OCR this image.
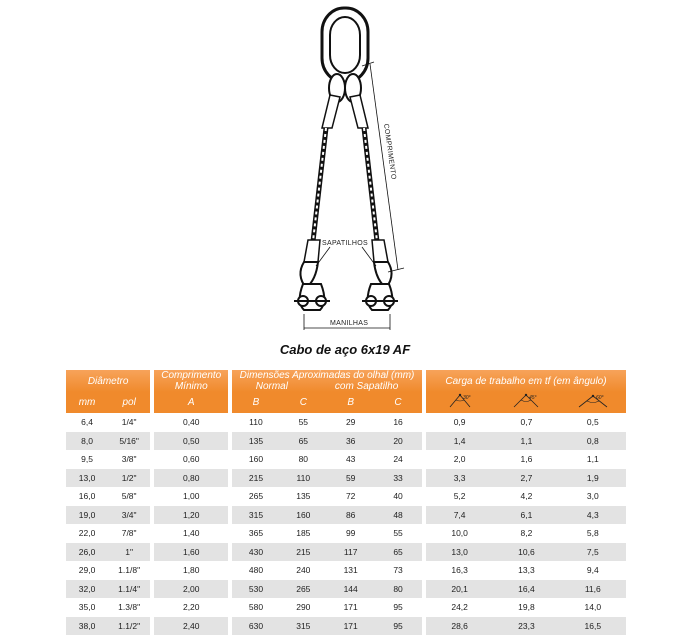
COMPRIMENTO
SAPATILHOS
MANILHAS
Cabo de aço 6x19 AF
Diâmetro			Comprimento
Mínimo		Dimensões Aproximadas do olhal (mm)
Normal com Sapatilho					Carga de trabalho em tf (em ângulo)		
mm	pol		A		B	C	B	C		30°	45°	60°

6,4	1/4"		0,40		110	55	29	16		0,9	0,7	0,5
8,0	5/16"		0,50		135	65	36	20		1,4	1,1	0,8
9,5	3/8"		0,60		160	80	43	24		2,0	1,6	1,1
13,0	1/2"		0,80		215	110	59	33		3,3	2,7	1,9
16,0	5/8"		1,00		265	135	72	40		5,2	4,2	3,0
19,0	3/4"		1,20		315	160	86	48		7,4	6,1	4,3
22,0	7/8"		1,40		365	185	99	55		10,0	8,2	5,8
26,0	1"		1,60		430	215	117	65		13,0	10,6	7,5
29,0	1.1/8"		1,80		480	240	131	73		16,3	13,3	9,4
32,0	1.1/4"		2,00		530	265	144	80		20,1	16,4	11,6
35,0	1.3/8"		2,20		580	290	171	95		24,2	19,8	14,0
38,0	1.1/2"		2,40		630	315	171	95		28,6	23,3	16,5
